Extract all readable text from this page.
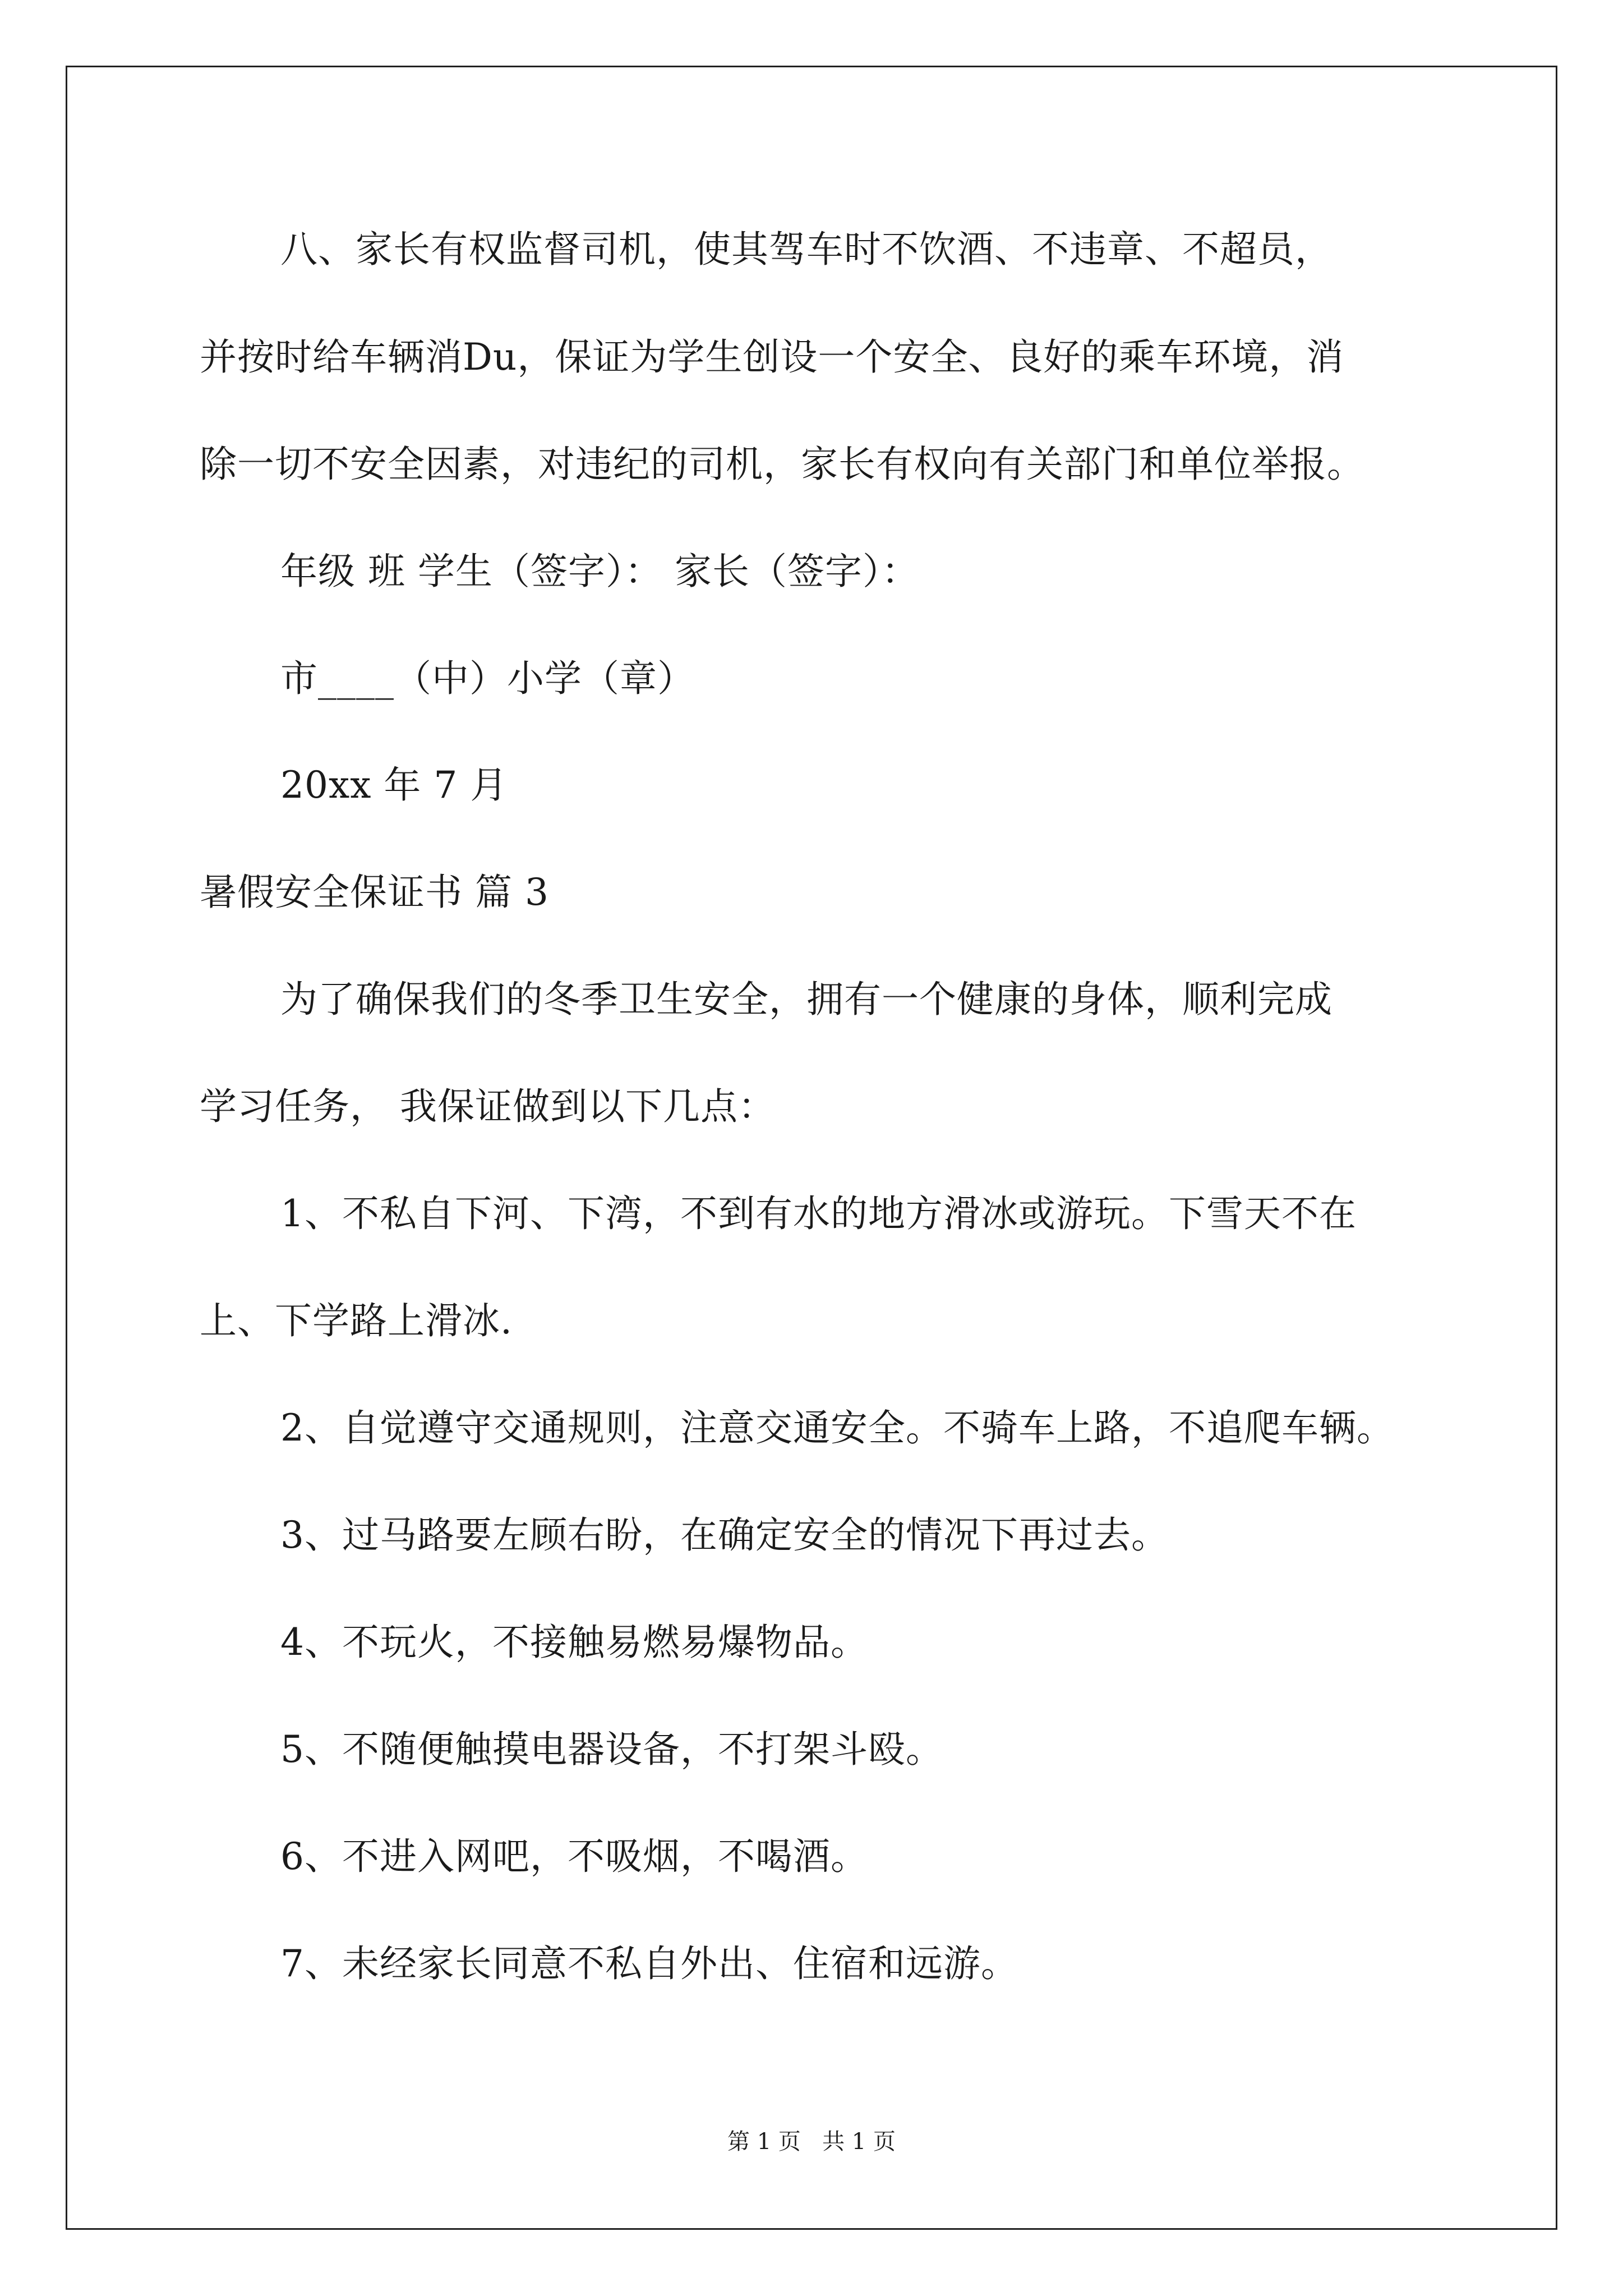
八、家长有权监督司机，使其驾车时不饮酒、不违章、不超员，
并按时给车辆消Du，保证为学生创设一个安全、良好的乘车环境，消
除一切不安全因素，对违纪的司机，家长有权向有关部门和单位举报。
年级 班 学生（签字）： 家长（签字）：
市____（中）小学（章）
20xx 年 7 月
暑假安全保证书 篇 3
为了确保我们的冬季卫生安全，拥有一个健康的身体，顺利完成
学习任务， 我保证做到以下几点：
1、不私自下河、下湾，不到有水的地方滑冰或游玩。下雪天不在
上、下学路上滑冰.
2、自觉遵守交通规则，注意交通安全。不骑车上路，不追爬车辆。
3、过马路要左顾右盼，在确定安全的情况下再过去。
4、不玩火，不接触易燃易爆物品。
5、不随便触摸电器设备，不打架斗殴。
6、不进入网吧，不吸烟，不喝酒。
7、未经家长同意不私自外出、住宿和远游。
第 1 页   共 1 页
